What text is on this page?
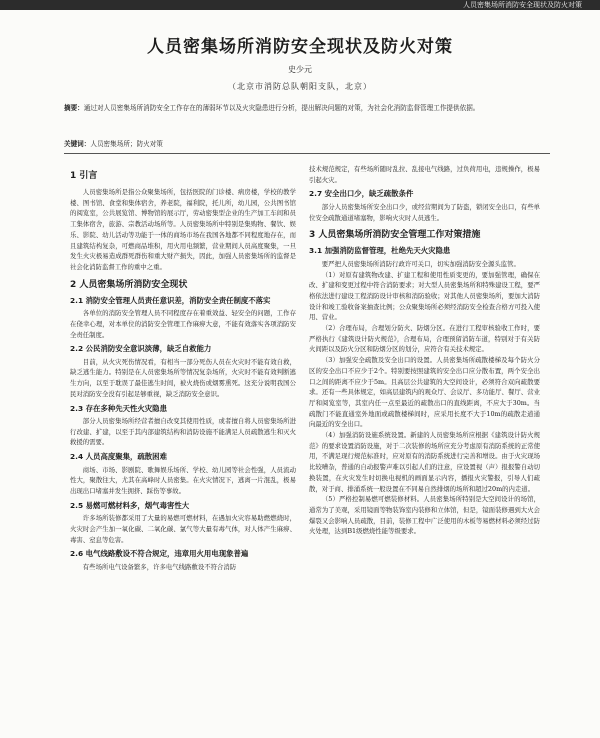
人员密集场所消防安全现状及防火对策
人员密集场所消防安全现状及防火对策
史少元
（北京市消防总队朝阳支队，北京）
摘要：通过对人员密集场所消防安全工作存在的薄弱环节以及火灾隐患进行分析，提出解决问题的对策，为社会化消防监督管理工作提供依据。
关键词：人员密集场所；防火对策
1 引言

人员密集场所是指公众聚集场所，包括医院的门诊楼、病房楼，学校的教学楼、图书馆、食堂和集体宿舍，养老院，福利院，托儿所，幼儿园，公共图书馆的阅览室，公共展览馆、博物馆的展示厅，劳动密集型企业的生产加工车间和员工集体宿舍，旅游、宗教活动场所等。人员密集场所中特别是集购物、餐饮、娱乐、影院、幼儿活动等功能于一体的商场市场在我国各地都不同程度地存在，而且建筑结构复杂，可燃商品堆积，用火用电频繁，营业期间人员高度聚集，一旦发生火灾极易造成群死群伤和重大财产损失，因此，加强人员密集场所的监督是社会化消防监督工作的重中之重。

2 人员密集场所消防安全现状
2.1 消防安全管理人员责任意识差，消防安全责任制度不落实

各单位的消防安全管理人员不同程度存在着重效益、轻安全的问题，工作存在侥幸心理，对本单位的消防安全管理工作麻痹大意，不能有效落实各项消防安全责任制度。

2.2 公民消防安全意识淡薄，缺乏自救能力

目前，从火灾死伤情况看，有相当一部分死伤人员在火灾时不能有效自救，缺乏逃生能力。特别是在人员密集场所等情况复杂场所，火灾时不能有效判断逃生方向，以至于耽误了最佳逃生时间，被火烧伤或烟雾熏死。这充分说明我国公民对消防安全没有引起足够重视，缺乏消防安全意识。

2.3 存在多种先天性火灾隐患

部分人员密集场所经营者擅自改变其使用性质，或者擅自将人员密集场所进行改建、扩建，以至于其内部建筑结构和消防设施不能满足人员疏散逃生和灭火救援的需要。

2.4 人员高度聚集，疏散困难

商场、市场、影剧院、歌舞娱乐场所、学校、幼儿园等社会性强，人员流动性大，聚散往大，尤其在高峰时人员密集。在火灾情况下，逃离一片混乱，极易出现出口堵塞并发生拥挤、踩伤等事故。

2.5 易燃可燃材料多，烟气毒害性大

许多场所装修都采用了大量的易燃可燃材料，在遇加火灾容易助燃燃烧时，火灾时会产生加一氧化碳、二氧化碳、氯气等大量有毒气体，对人体产生麻痹、毒害、窒息等危害。

2.6 电气线路敷设不符合规定，违章用火用电现象普遍

有些场所电气设备繁多，许多电气线路敷设不符合消防

技术规范规定，有些场所随时乱拉、乱接电气线路，过负荷用电，违规操作，极易引起火灾。

2.7 安全出口少，缺乏疏散条件

部分人员密集场所安全出口少，或经营期间为了防盗，锁闭安全出口，有些单位安全疏散通道堵塞物，影响火灾时人员逃生。

3 人员密集场所消防安全管理工作对策措施
3.1 加强消防监督管理，杜绝先天火灾隐患

要严把人员密集场所消防行政许可关口，切实加强消防安全源头监管。

（1）对原有建筑物改建、扩建工程和使用性质变更的，要加强管理，确保在改、扩建和变更过程中符合消防要求；对大型人员密集场所和特殊建设工程，要严格依法进行建设工程消防设计审核和消防验收；对其他人员密集场所，要加大消防设计和竣工验收备案抽查比例；公众聚集场所必须经消防安全检查合格方可投入使用、营业。

（2）合理布局，合理划分防火、防烟分区。在进行工程审核验收工作时，要严格执行《建筑设计防火规范》，合理布局，合理预留消防车道，特别对于有关防火间距以及防火分区和防烟分区的划分，应符合有关技术规定。

（3）加强安全疏散及安全出口的设置。人员密集场所疏散楼梯及每个防火分区的安全出口不应少于2个。特别要按照建筑的安全出口应分散布置，两个安全出口之间的距离不应少于5m。且高层公共建筑的大空间设计，必须符合双向疏散要求。还有一些具体规定，如高层建筑内的观众厅、会议厅、多功能厅、餐厅、营业厅和阅览室等，其室内任一点至最近的疏散出口的直线距离，不应大于30m。当疏散门不能直通室外地面或疏散楼梯间时，应采用长度不大于10m的疏散走道通向最近的安全出口。

（4）加强消防设施系统设置。新建的人员密集场所应根据《建筑设计防火规范》的要求设置消防设施，对于二次装修的场所应充分考虑原有消防系统的正常使用，不满足现行规范标准时，应对原有的消防系统进行完善和增设。由于火灾现场比较嘈杂，普通的自动报警声难以引起人们的注意，应设置视（声）报报警自动切换装置，在火灾发生时切换电视机的画面显示内容，播报火灾警报，引导人们疏散，对于商、排涌系统一般设置在不同易自然排烟的场所和超过20m的内走道。

（5）严格控制易燃可燃装修材料。人员密集场所特别是大空间设计的场馆，通常为了美观，采用镜面等物装饰室内装修和立体馆，但是，镜面装修遇到大火会爆裂又会影响人员疏散，目前，装修工程中广泛使用的木板等易燃材料必须经过防火处理，达到B1级燃烧性能等级要求。
